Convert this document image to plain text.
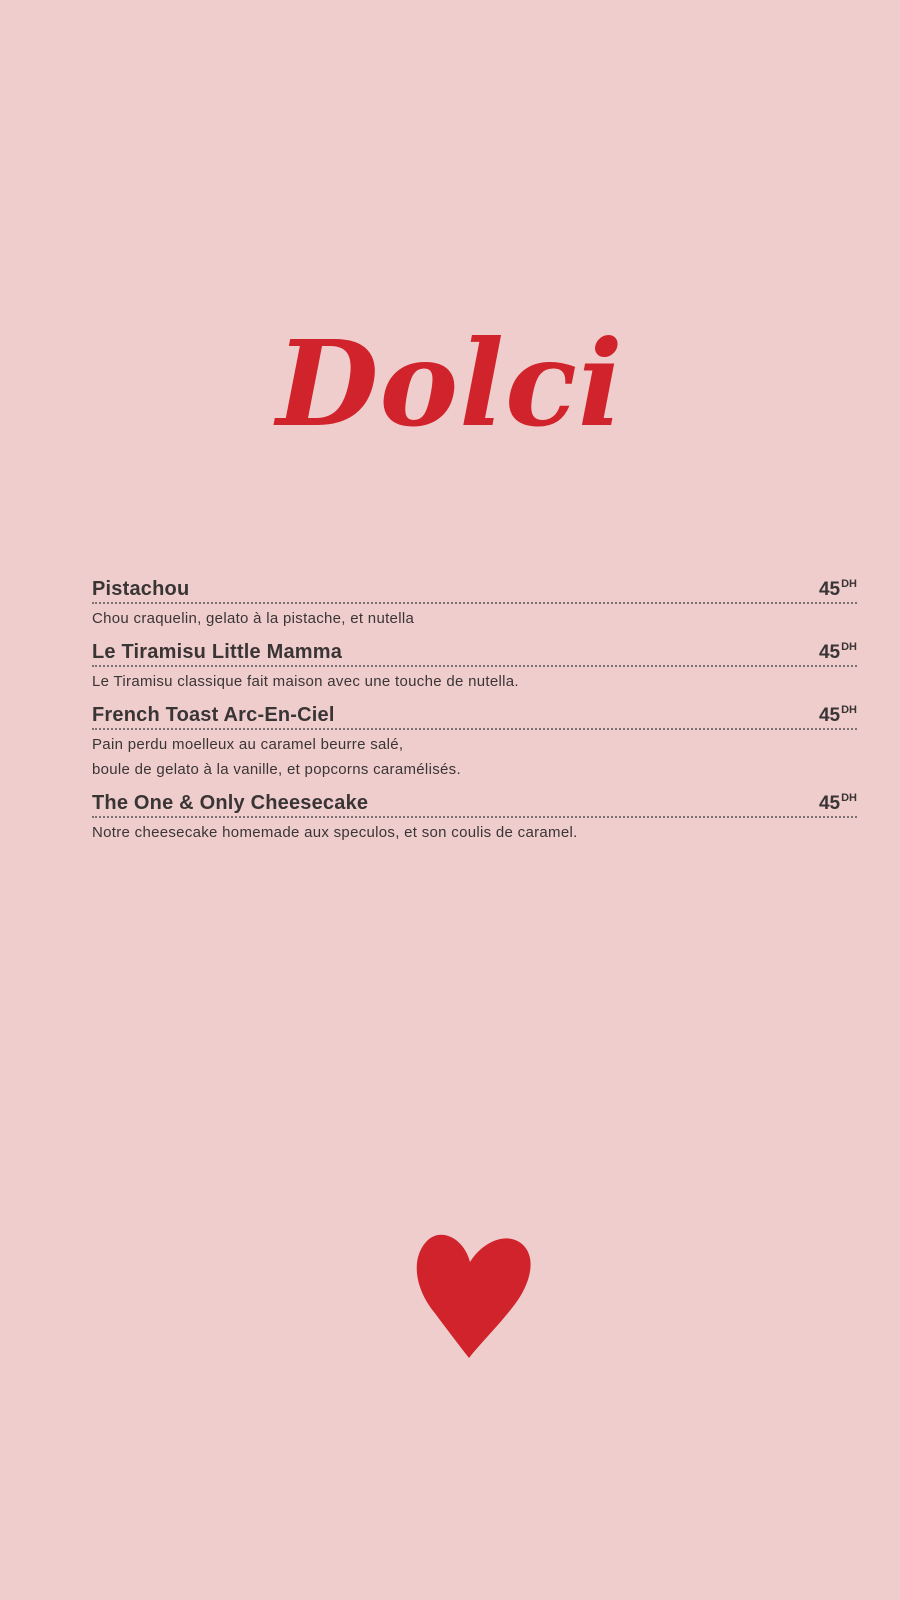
Dolci
Pistachou	$45^{DH}$
Chou craquelin, gelato à la pistache, et nutella
Le Tiramisu Little Mamma	$45^{DH}$
Le Tiramisu classique fait maison avec une touche de nutella.
French Toast Arc-En-Ciel	$45^{DH}$
Pain perdu moelleux au caramel beurre salé,
boule de gelato à la vanille, et popcorns caramélisés.
The One & Only Cheesecake	$45^{DH}$
Notre cheesecake homemade aux speculos, et son coulis de caramel.
